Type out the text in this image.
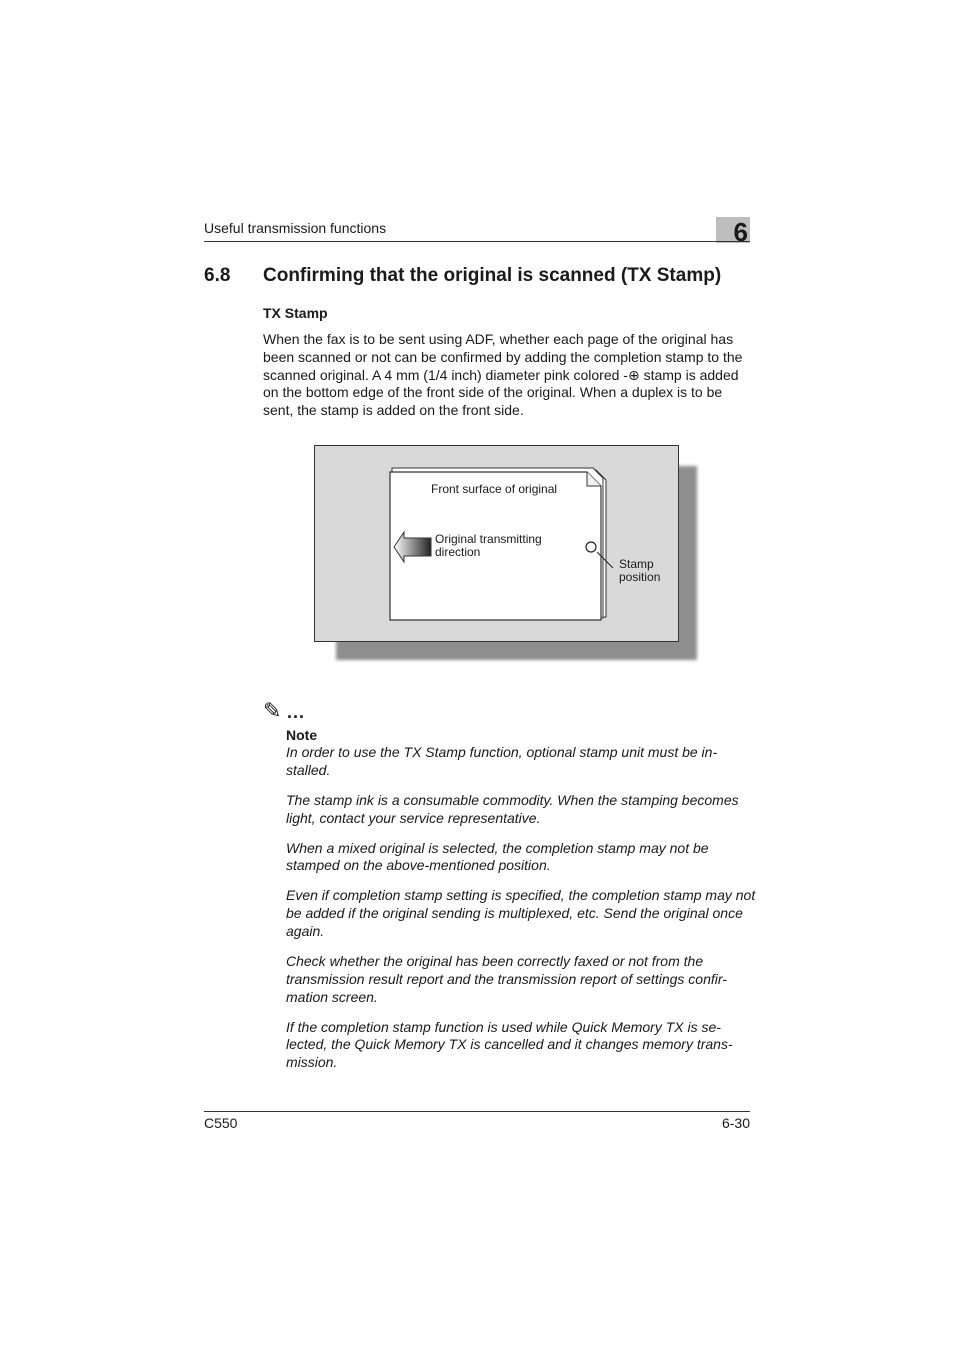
Useful transmission functions	6
6.8 Confirming that the original is scanned (TX Stamp)
TX Stamp

When the fax is to be sent using ADF, whether each page of the original has been scanned or not can be confirmed by adding the completion stamp to the scanned original. A 4 mm (1/4 inch) diameter pink colored -⊕ stamp is added on the bottom edge of the front side of the original. When a duplex is to be sent, the stamp is added on the front side.

Front surface of original
Original transmitting
direction
Stamp
position
✎ ...
Note
In order to use the TX Stamp function, optional stamp unit must be in-stalled.
The stamp ink is a consumable commodity. When the stamping becomes light, contact your service representative.
When a mixed original is selected, the completion stamp may not be stamped on the above-mentioned position.
Even if completion stamp setting is specified, the completion stamp may not be added if the original sending is multiplexed, etc. Send the original once again.
Check whether the original has been correctly faxed or not from the transmission result report and the transmission report of settings confir-mation screen.
If the completion stamp function is used while Quick Memory TX is se-lected, the Quick Memory TX is cancelled and it changes memory trans-mission.
C550	6-30
